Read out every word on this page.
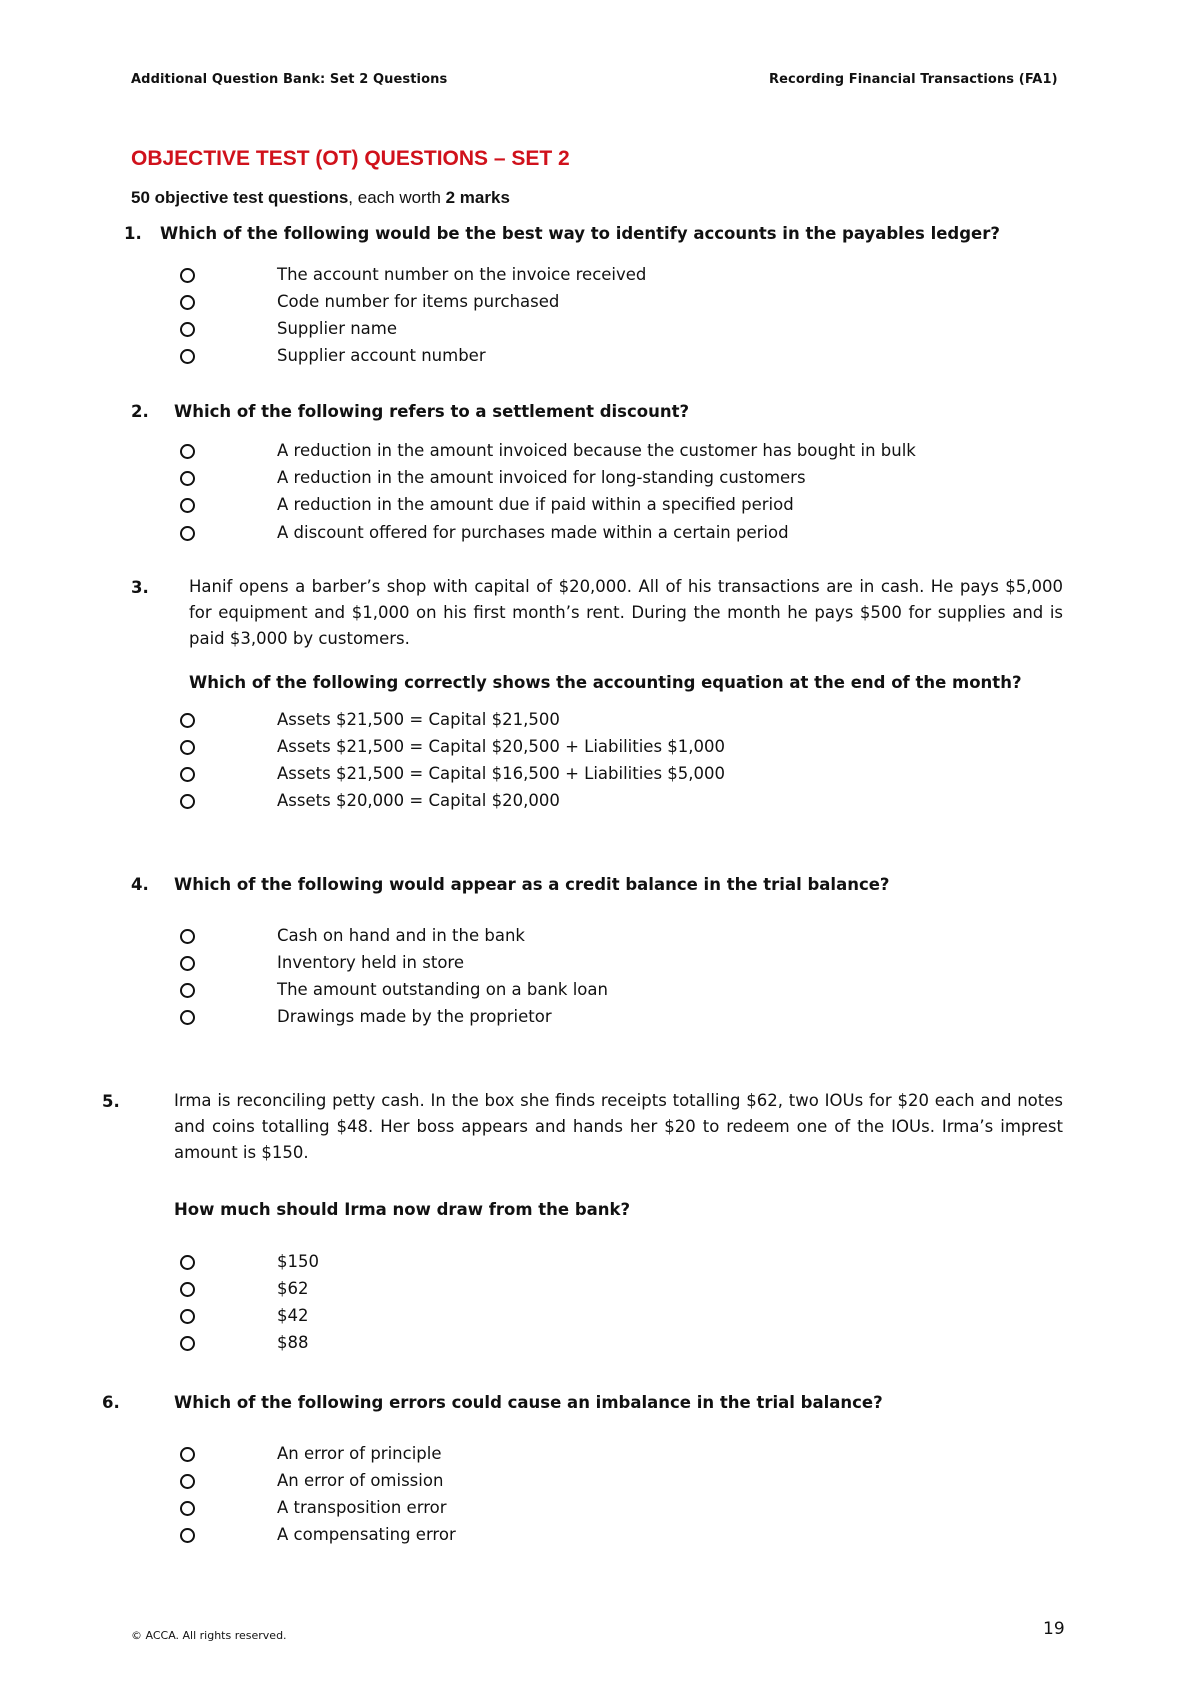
Additional Question Bank: Set 2 Questions	Recording Financial Transactions (FA1)
OBJECTIVE TEST (OT) QUESTIONS – SET 2
50 objective test questions, each worth 2 marks
1. Which of the following would be the best way to identify accounts in the payables ledger?
The account number on the invoice received
Code number for items purchased
Supplier name
Supplier account number
2. Which of the following refers to a settlement discount?
A reduction in the amount invoiced because the customer has bought in bulk
A reduction in the amount invoiced for long-standing customers
A reduction in the amount due if paid within a specified period
A discount offered for purchases made within a certain period
3. Hanif opens a barber’s shop with capital of $20,000. All of his transactions are in cash. He pays $5,000 for equipment and $1,000 on his first month’s rent. During the month he pays $500 for supplies and is paid $3,000 by customers.
Which of the following correctly shows the accounting equation at the end of the month?
Assets $21,500 = Capital $21,500
Assets $21,500 = Capital $20,500 + Liabilities $1,000
Assets $21,500 = Capital $16,500 + Liabilities $5,000
Assets $20,000 = Capital $20,000
4. Which of the following would appear as a credit balance in the trial balance?
Cash on hand and in the bank
Inventory held in store
The amount outstanding on a bank loan
Drawings made by the proprietor
5.	Irma is reconciling petty cash. In the box she finds receipts totalling $62, two IOUs for $20 each and notes and coins totalling $48. Her boss appears and hands her $20 to redeem one of the IOUs. Irma’s imprest amount is $150.
How much should Irma now draw from the bank?
$150
$62
$42
$88
6.	Which of the following errors could cause an imbalance in the trial balance?
An error of principle
An error of omission
A transposition error
A compensating error
© ACCA. All rights reserved.	19
